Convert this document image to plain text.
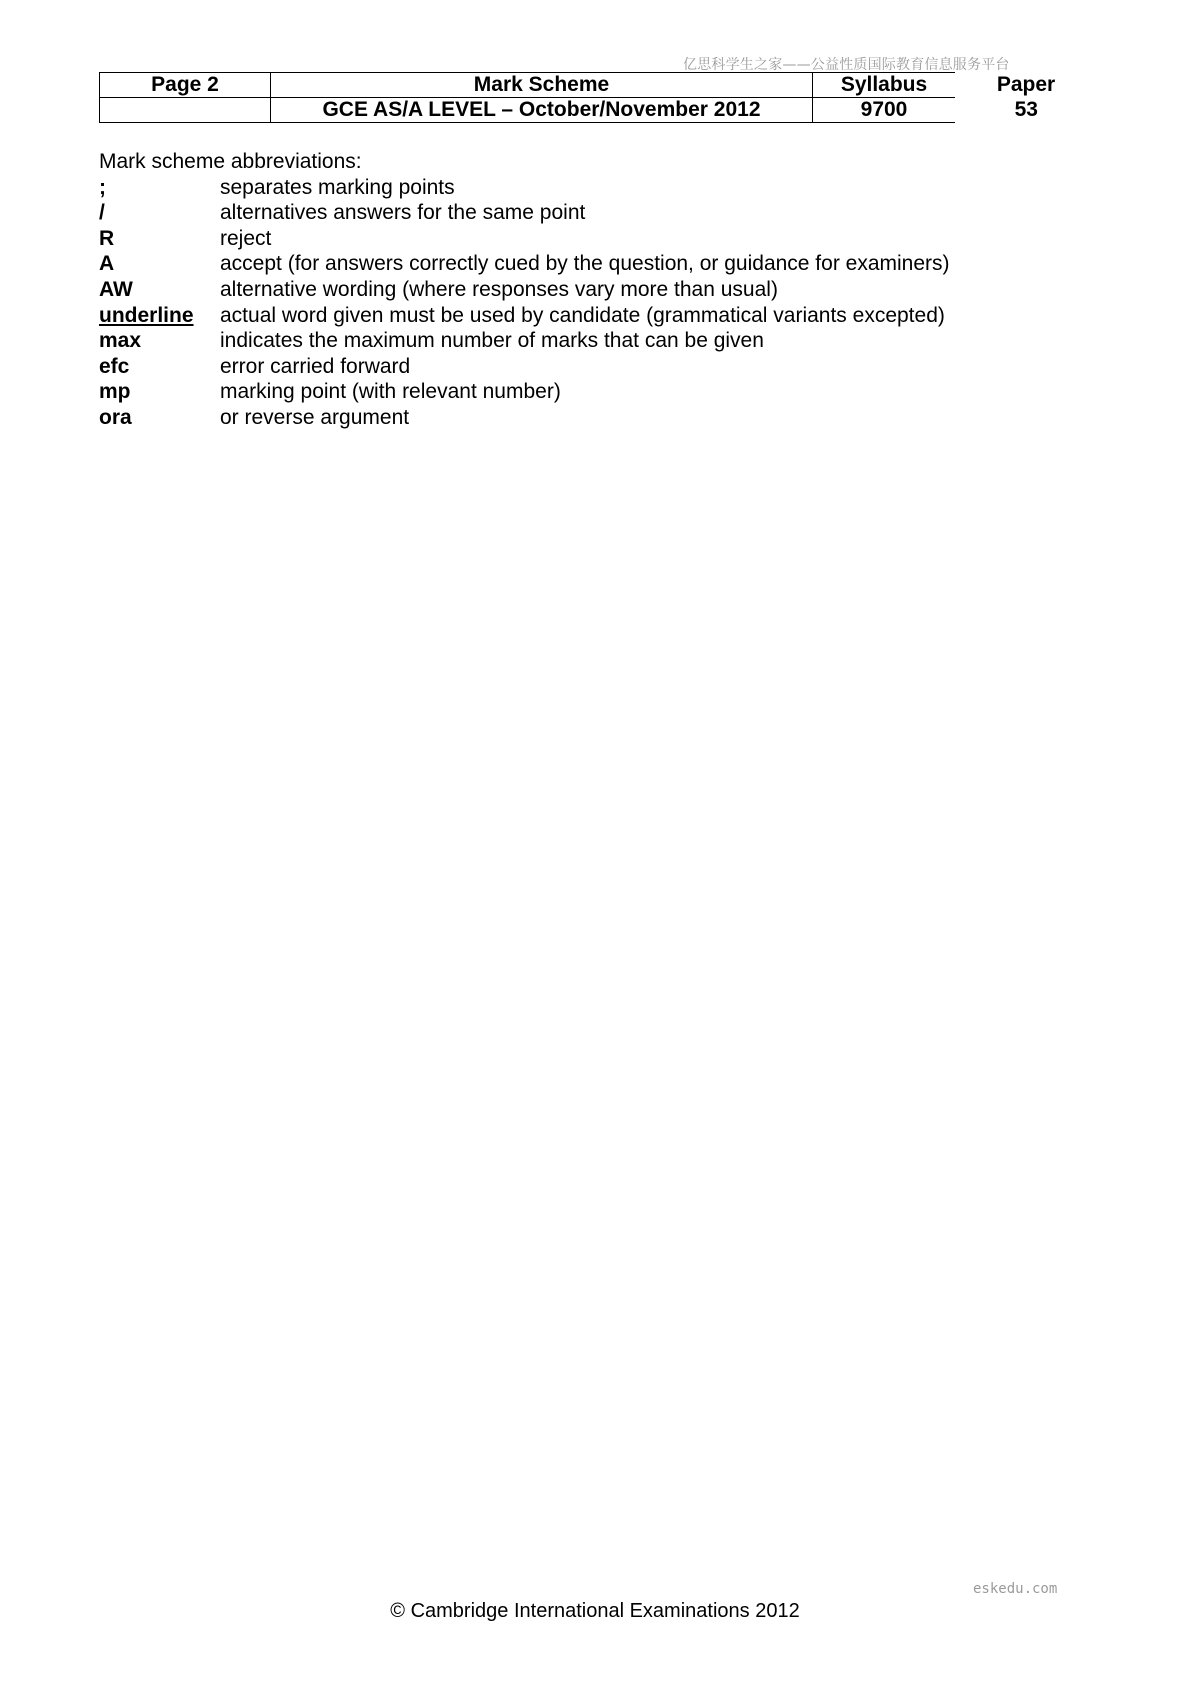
亿思科学生之家——公益性质国际教育信息服务平台
Page 2	Mark Scheme	Syllabus	Paper
	GCE AS/A LEVEL – October/November 2012	9700	53

Mark scheme abbreviations:

;	separates marking points
/	alternatives answers for the same point
R	reject
A	accept (for answers correctly cued by the question, or guidance for examiners)
AW	alternative wording (where responses vary more than usual)
underline	actual word given must be used by candidate (grammatical variants excepted)
max	indicates the maximum number of marks that can be given
efc	error carried forward
mp	marking point (with relevant number)
ora	or reverse argument
eskedu.com
© Cambridge International Examinations 2012
